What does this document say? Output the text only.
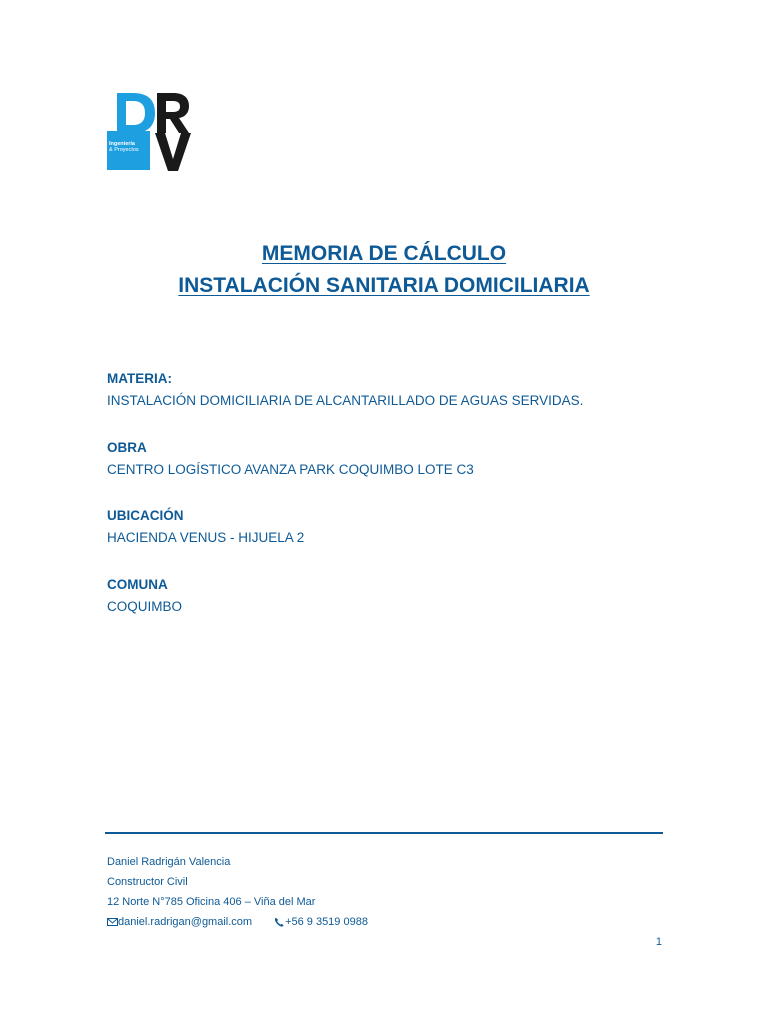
Ingeniería
& Proyectos
MEMORIA DE CÁLCULO
INSTALACIÓN SANITARIA DOMICILIARIA
MATERIA:
INSTALACIÓN DOMICILIARIA DE ALCANTARILLADO DE AGUAS SERVIDAS.
OBRA
CENTRO LOGÍSTICO AVANZA PARK COQUIMBO LOTE C3
UBICACIÓN
HACIENDA VENUS - HIJUELA 2
COMUNA
COQUIMBO
Daniel Radrigán Valencia
Constructor Civil
12 Norte N°785 Oficina 406 – Viña del Mar
daniel.radrigan@gmail.com	+56 9 3519 0988
1
